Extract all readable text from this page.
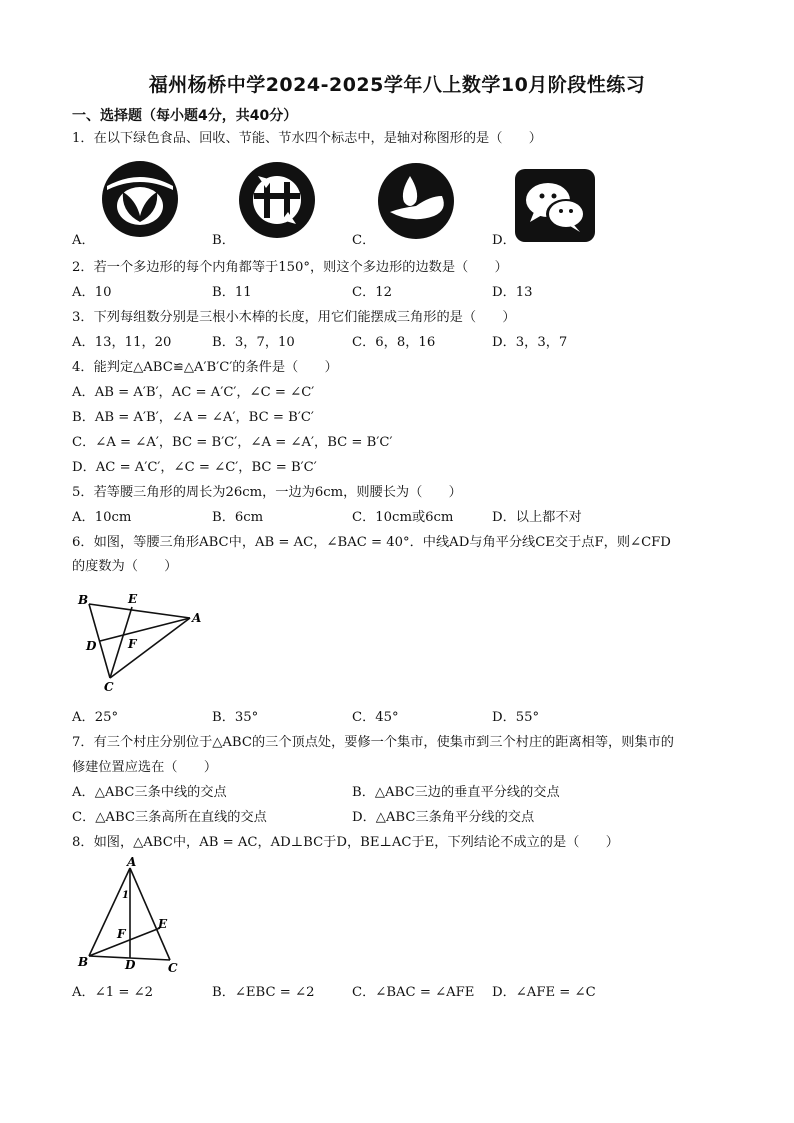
福州杨桥中学2024-2025学年八上数学10月阶段性练习
一、选择题（每小题4分，共40分）
1．在以下绿色食品、回收、节能、节水四个标志中，是轴对称图形的是（　　）
A．	B．	C．	D．
2．若一个多边形的每个内角都等于150°，则这个多边形的边数是（　　）
A．10	B．11	C．12	D．13
3．下列每组数分别是三根小木棒的长度，用它们能摆成三角形的是（　　）
A．13，11，20	B．3，7，10	C．6，8，16	D．3，3，7
4．能判定△ABC≌△A′B′C′的条件是（　　）
A．AB = A′B′，AC = A′C′，∠C = ∠C′
B．AB = A′B′，∠A = ∠A′，BC = B′C′
C．∠A = ∠A′，BC = B′C′，∠A = ∠A′，BC = B′C′
D．AC = A′C′，∠C = ∠C′，BC = B′C′
5．若等腰三角形的周长为26cm，一边为6cm，则腰长为（　　）
A．10cm	B．6cm	C．10cm或6cm	D．以上都不对
6．如图，等腰三角形ABC中，AB = AC，∠BAC = 40°．中线AD与角平分线CE交于点F，则∠CFD
的度数为（　　）
B	E
A
D	F
C
A．25°	B．35°	C．45°	D．55°
7．有三个村庄分别位于△ABC的三个顶点处，要修一个集市，使集市到三个村庄的距离相等，则集市的
修建位置应选在（　　）
A．△ABC三条中线的交点	B．△ABC三边的垂直平分线的交点
C．△ABC三条高所在直线的交点	D．△ABC三条角平分线的交点
8．如图，△ABC中，AB = AC，AD⊥BC于D，BE⊥AC于E，下列结论不成立的是（　　）
A
1
F
E
B	D	C
A．∠1 = ∠2	B．∠EBC = ∠2	C．∠BAC = ∠AFE D．∠AFE = ∠C
